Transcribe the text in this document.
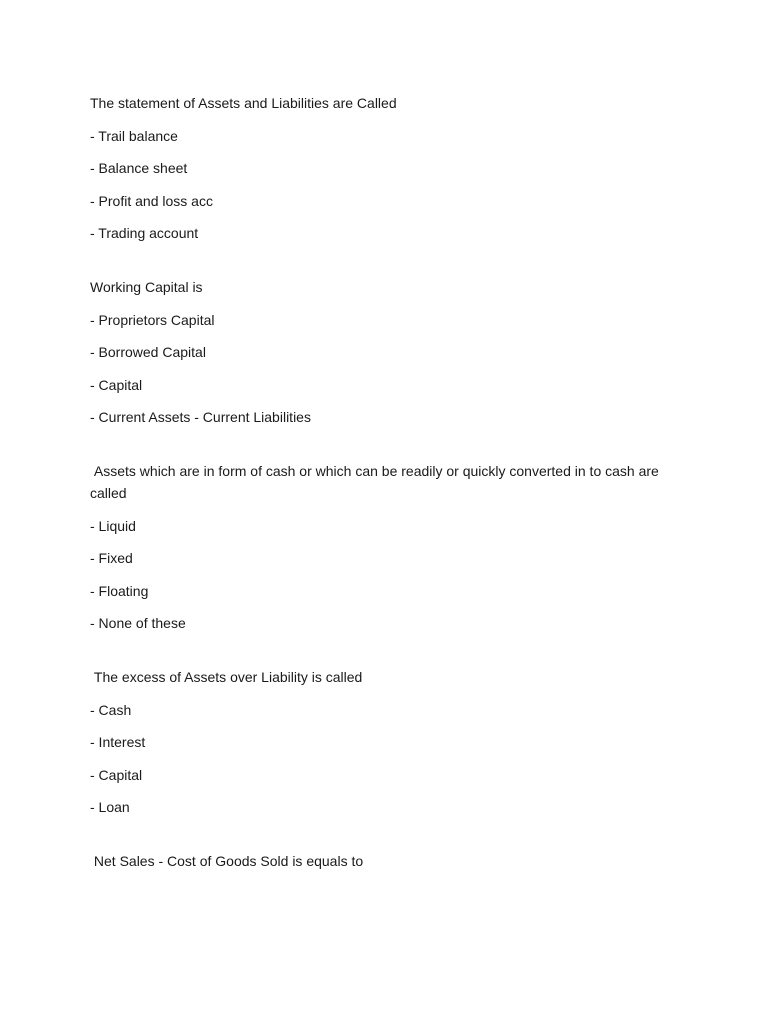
The statement of Assets and Liabilities are Called
- Trail balance
- Balance sheet
- Profit and loss acc
- Trading account
Working Capital is
- Proprietors Capital
- Borrowed Capital
- Capital
- Current Assets - Current Liabilities
Assets which are in form of cash or which can be readily or quickly converted in to cash are called
- Liquid
- Fixed
- Floating
- None of these
The excess of Assets over Liability is called
- Cash
- Interest
- Capital
- Loan
Net Sales - Cost of Goods Sold is equals to
